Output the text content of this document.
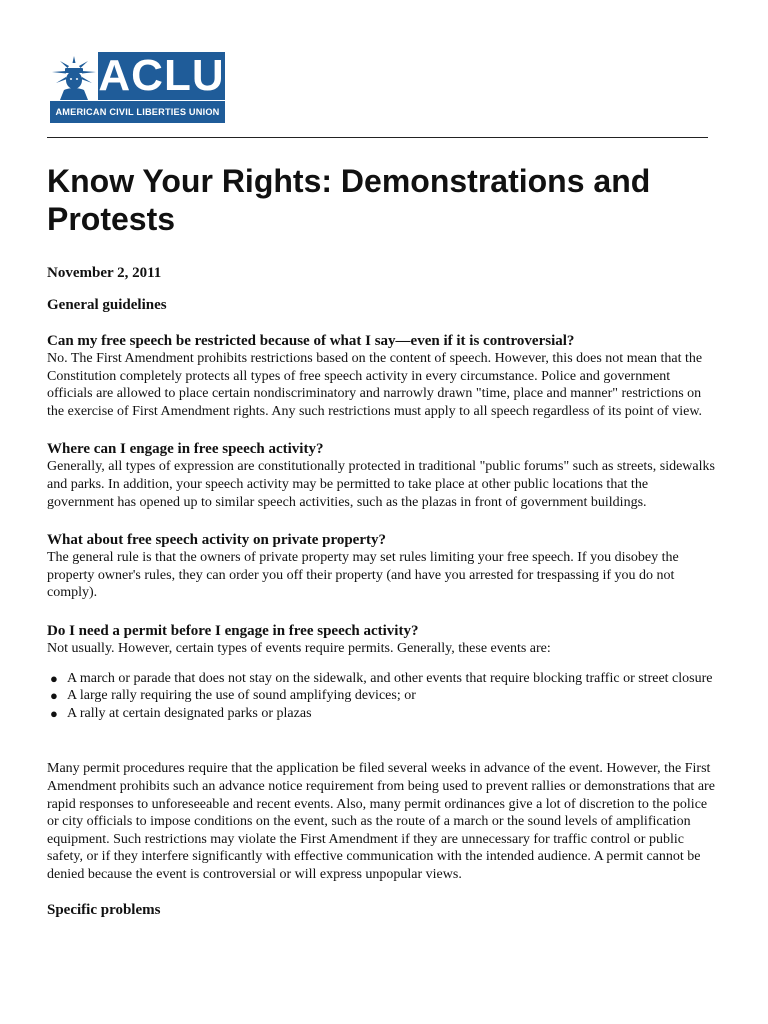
ACLU
AMERICAN CIVIL LIBERTIES UNION
Know Your Rights: Demonstrations and Protests
November 2, 2011
General guidelines
Can my free speech be restricted because of what I say—even if it is controversial?

No. The First Amendment prohibits restrictions based on the content of speech. However, this does not mean that the Constitution completely protects all types of free speech activity in every circumstance. Police and government officials are allowed to place certain nondiscriminatory and narrowly drawn "time, place and manner" restrictions on the exercise of First Amendment rights. Any such restrictions must apply to all speech regardless of its point of view.

Where can I engage in free speech activity?

Generally, all types of expression are constitutionally protected in traditional "public forums" such as streets, sidewalks and parks. In addition, your speech activity may be permitted to take place at other public locations that the government has opened up to similar speech activities, such as the plazas in front of government buildings.

What about free speech activity on private property?

The general rule is that the owners of private property may set rules limiting your free speech. If you disobey the property owner's rules, they can order you off their property (and have you arrested for trespassing if you do not comply).

Do I need a permit before I engage in free speech activity?

Not usually. However, certain types of events require permits. Generally, these events are:

● A march or parade that does not stay on the sidewalk, and other events that require blocking traffic or street closure
● A large rally requiring the use of sound amplifying devices; or
● A rally at certain designated parks or plazas

Many permit procedures require that the application be filed several weeks in advance of the event. However, the First Amendment prohibits such an advance notice requirement from being used to prevent rallies or demonstrations that are rapid responses to unforeseeable and recent events. Also, many permit ordinances give a lot of discretion to the police or city officials to impose conditions on the event, such as the route of a march or the sound levels of amplification equipment. Such restrictions may violate the First Amendment if they are unnecessary for traffic control or public safety, or if they interfere significantly with effective communication with the intended audience. A permit cannot be denied because the event is controversial or will express unpopular views.

Specific problems
